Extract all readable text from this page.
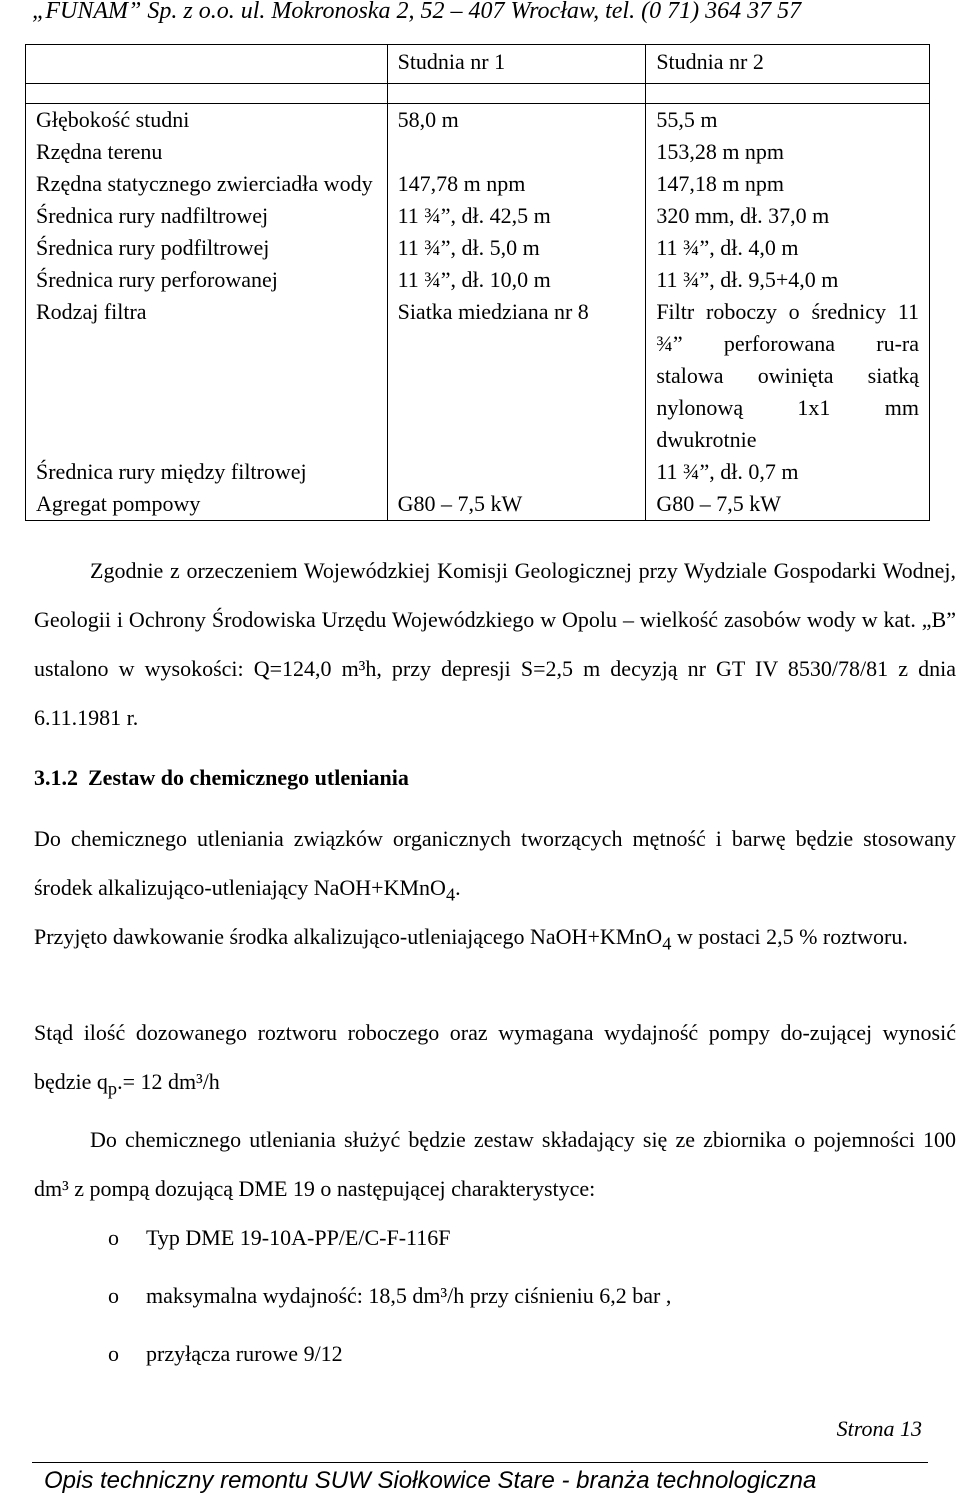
„FUNAM” Sp. z o.o. ul. Mokronoska 2, 52 – 407 Wrocław, tel. (0 71) 364 37 57
	Studnia nr 1	Studnia nr 2

Głębokość studni	58,0 m	55,5 m
Rzędna terenu		153,28 m npm
Rzędna statycznego zwierciadła wody	147,78 m npm	147,18 m npm
Średnica rury nadfiltrowej	11 ¾”, dł. 42,5 m	320 mm, dł. 37,0 m
Średnica rury podfiltrowej	11 ¾”, dł. 5,0 m	11 ¾”, dł. 4,0 m
Średnica rury perforowanej	11 ¾”, dł. 10,0 m	11 ¾”, dł. 9,5+4,0 m
Rodzaj filtra	Siatka miedziana nr 8	Filtr roboczy o średnicy 11 ¾” perforowana ru-ra stalowa owinięta siatką nylonową 1x1 mm dwukrotnie
Średnica rury między filtrowej		11 ¾”, dł. 0,7 m
Agregat pompowy	G80 – 7,5 kW	G80 – 7,5 kW
Zgodnie z orzeczeniem Wojewódzkiej Komisji Geologicznej przy Wydziale Gospodarki Wodnej, Geologii i Ochrony Środowiska Urzędu Wojewódzkiego w Opolu – wielkość zasobów wody w kat. „B” ustalono w wysokości: Q=124,0 m³h, przy depresji S=2,5 m decyzją nr GT IV 8530/78/81 z dnia 6.11.1981 r.
3.1.2 Zestaw do chemicznego utleniania
Do chemicznego utleniania związków organicznych tworzących mętność i barwę będzie stosowany środek alkalizująco-utleniający NaOH+KMnO$_4$.
Przyjęto dawkowanie środka alkalizująco-utleniającego NaOH+KMnO$_4$ w postaci 2,5 % roztworu.
Stąd ilość dozowanego roztworu roboczego oraz wymagana wydajność pompy do-zującej wynosić będzie $q_p.= 12$ dm³/h
Do chemicznego utleniania służyć będzie zestaw składający się ze zbiornika o pojemności 100 dm³ z pompą dozującą DME 19 o następującej charakterystyce:
o Typ DME 19-10A-PP/E/C-F-116F
o maksymalna wydajność: 18,5 dm³/h przy ciśnieniu 6,2 bar ,
o przyłącza rurowe 9/12
Strona 13
Opis techniczny remontu SUW Siołkowice Stare - branża technologiczna
